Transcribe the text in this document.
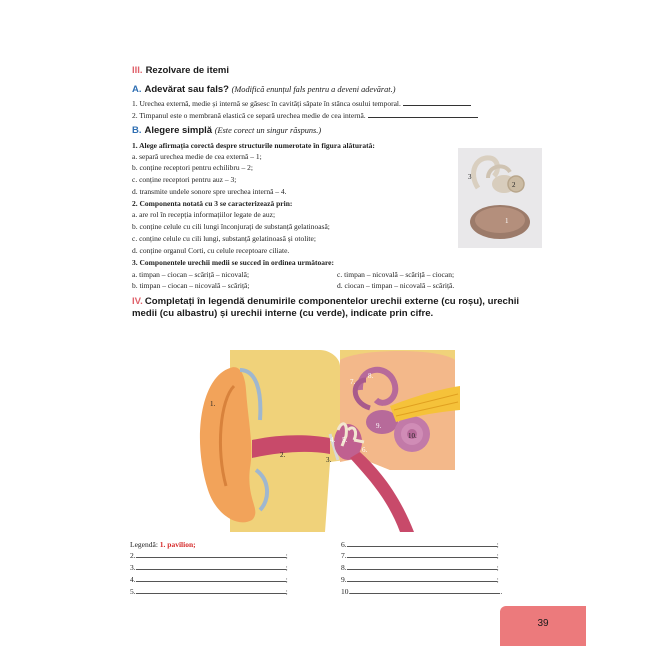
III. Rezolvare de itemi
A. Adevărat sau fals? (Modifică enunțul fals pentru a deveni adevărat.)
1. Urechea externă, medie și internă se găsesc în cavități săpate în stânca osului temporal.
2. Timpanul este o membrană elastică ce separă urechea medie de cea internă.
B. Alegere simplă (Este corect un singur răspuns.)
1. Alege afirmația corectă despre structurile numerotate în figura alăturată:
a. separă urechea medie de cea externă – 1;
b. conține receptori pentru echilibru – 2;
c. conține receptori pentru auz – 3;
d. transmite undele sonore spre urechea internă – 4.
2. Componenta notată cu 3 se caracterizează prin:
a. are rol în recepția informațiilor legate de auz;
b. conține celule cu cili lungi înconjurați de substanță gelatinoasă;
c. conține celule cu cili lungi, substanță gelatinoasă și otolite;
d. conține organul Corti, cu celule receptoare ciliate.
3. Componentele urechii medii se succed în ordinea următoare:
a. timpan – ciocan – scăriță – nicovală;
b. timpan – ciocan – nicovală – scăriță;
c. timpan – nicovală – scăriță – ciocan;
d. ciocan – timpan – nicovală – scăriță.
3
2
1
IV. Completați în legendă denumirile componentelor urechii externe (cu roșu), urechii medii (cu albastru) și urechii interne (cu verde), indicate prin cifre.
1.
2.
3.
4. 5.
6.
7.
8.
9.
10.
Legendă: 1. pavilion;
2.	;
3.	;
4.	;
5.	;
6.	;
7.	;
8.	;
9.	;
10.	.
39
